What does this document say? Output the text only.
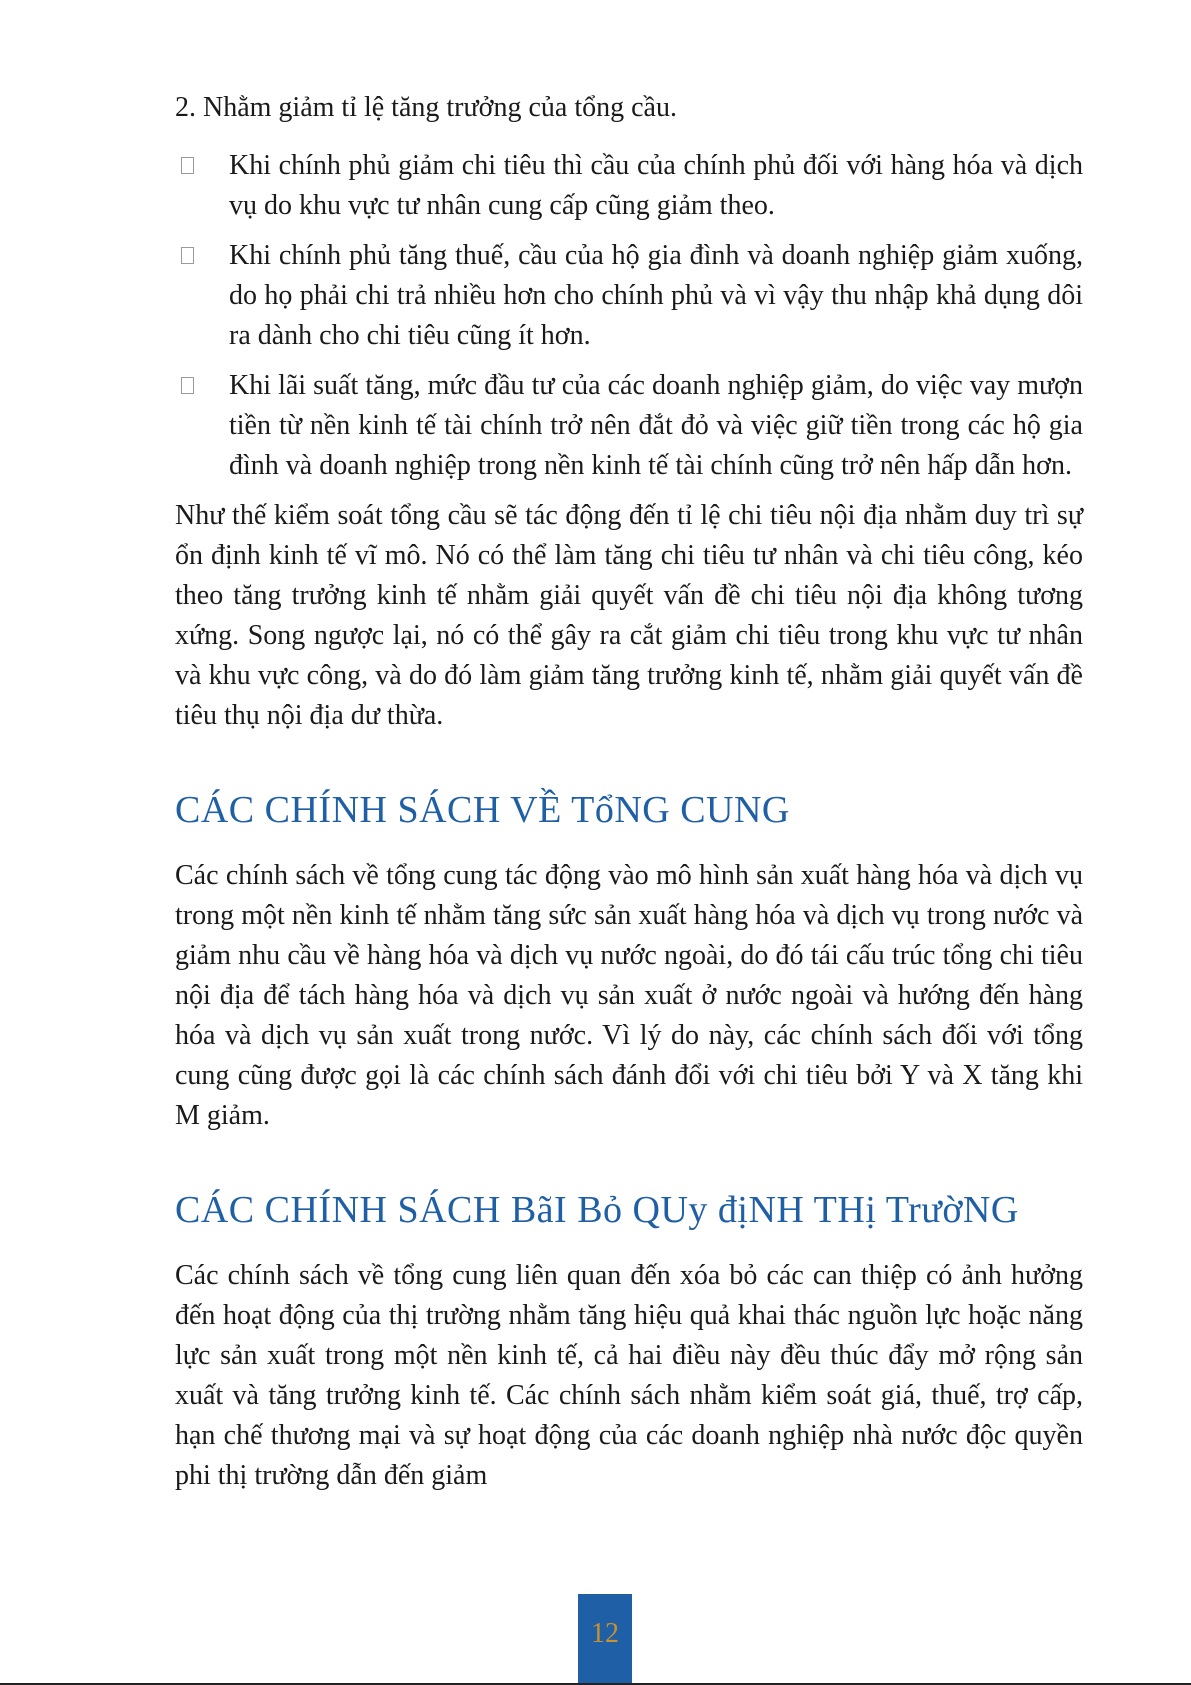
2. Nhằm giảm tỉ lệ tăng trưởng của tổng cầu.

Khi chính phủ giảm chi tiêu thì cầu của chính phủ đối với hàng hóa và dịch vụ do khu vực tư nhân cung cấp cũng giảm theo.
Khi chính phủ tăng thuế, cầu của hộ gia đình và doanh nghiệp giảm xuống, do họ phải chi trả nhiều hơn cho chính phủ và vì vậy thu nhập khả dụng dôi ra dành cho chi tiêu cũng ít hơn.
Khi lãi suất tăng, mức đầu tư của các doanh nghiệp giảm, do việc vay mượn tiền từ nền kinh tế tài chính trở nên đắt đỏ và việc giữ tiền trong các hộ gia đình và doanh nghiệp trong nền kinh tế tài chính cũng trở nên hấp dẫn hơn.

Như thế kiểm soát tổng cầu sẽ tác động đến tỉ lệ chi tiêu nội địa nhằm duy trì sự ổn định kinh tế vĩ mô. Nó có thể làm tăng chi tiêu tư nhân và chi tiêu công, kéo theo tăng trưởng kinh tế nhằm giải quyết vấn đề chi tiêu nội địa không tương xứng. Song ngược lại, nó có thể gây ra cắt giảm chi tiêu trong khu vực tư nhân và khu vực công, và do đó làm giảm tăng trưởng kinh tế, nhằm giải quyết vấn đề tiêu thụ nội địa dư thừa.

CÁC CHÍNH SÁCH VỀ TổNG CUNG

Các chính sách về tổng cung tác động vào mô hình sản xuất hàng hóa và dịch vụ trong một nền kinh tế nhằm tăng sức sản xuất hàng hóa và dịch vụ trong nước và giảm nhu cầu về hàng hóa và dịch vụ nước ngoài, do đó tái cấu trúc tổng chi tiêu nội địa để tách hàng hóa và dịch vụ sản xuất ở nước ngoài và hướng đến hàng hóa và dịch vụ sản xuất trong nước. Vì lý do này, các chính sách đối với tổng cung cũng được gọi là các chính sách đánh đổi với chi tiêu bởi Y và X tăng khi M giảm.

CÁC CHÍNH SÁCH BãI Bỏ QUy địNH THị TrườNG

Các chính sách về tổng cung liên quan đến xóa bỏ các can thiệp có ảnh hưởng đến hoạt động của thị trường nhằm tăng hiệu quả khai thác nguồn lực hoặc năng lực sản xuất trong một nền kinh tế, cả hai điều này đều thúc đẩy mở rộng sản xuất và tăng trưởng kinh tế. Các chính sách nhằm kiểm soát giá, thuế, trợ cấp, hạn chế thương mại và sự hoạt động của các doanh nghiệp nhà nước độc quyền phi thị trường dẫn đến giảm

12
